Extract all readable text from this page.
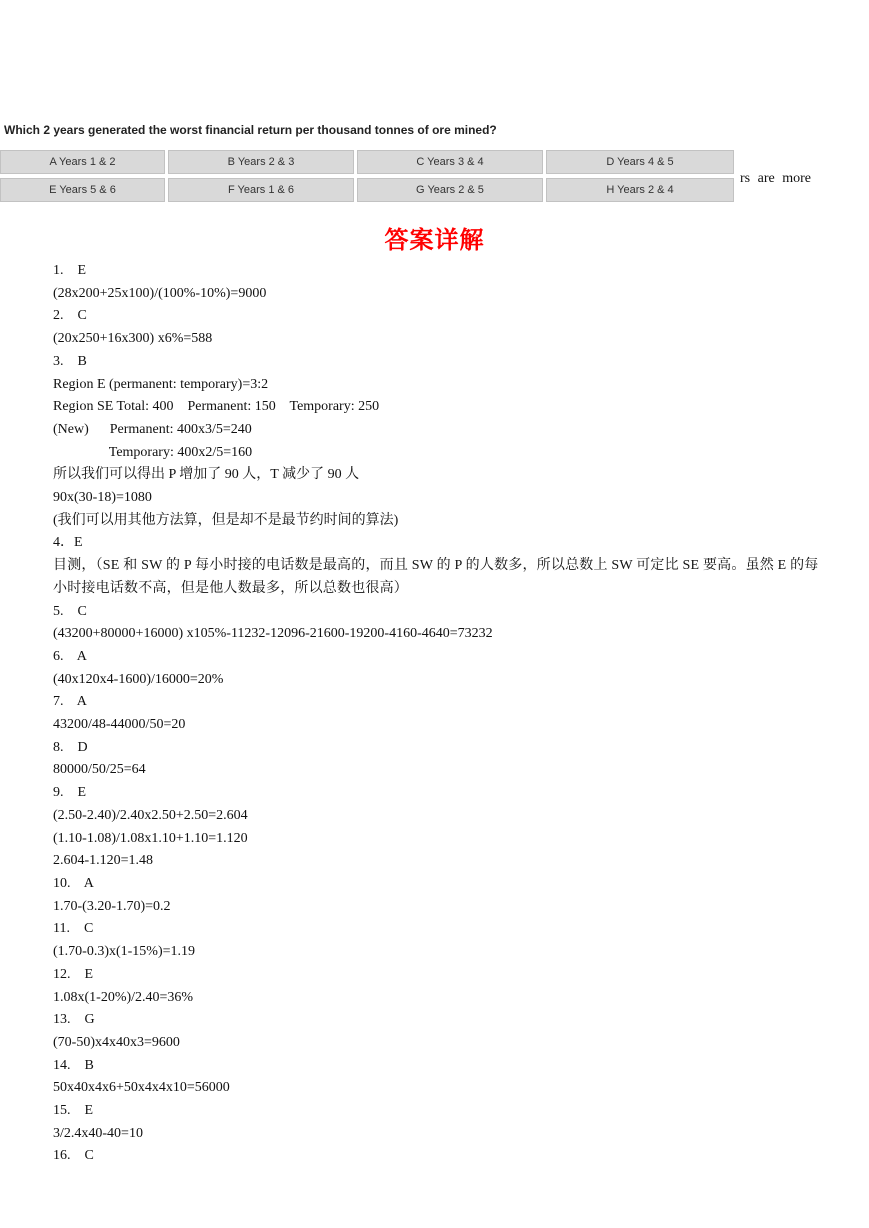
Which 2 years generated the worst financial return per thousand tonnes of ore mined?
A Years 1 & 2	B Years 2 & 3	C Years 3 & 4	D Years 4 & 5
E Years 5 & 6	F Years 1 & 6	G Years 2 & 5	H Years 2 & 4
rs are more
答案详解
1.    E
(28x200+25x100)/(100%-10%)=9000
2.    C
(20x250+16x300) x6%=588
3.    B
Region E (permanent: temporary)=3:2
Region SE Total: 400    Permanent: 150    Temporary: 250
(New)      Permanent: 400x3/5=240
Temporary: 400x2/5=160
所以我们可以得出 P 增加了 90 人，T 减少了 90 人
90x(30-18)=1080
(我们可以用其他方法算，但是却不是最节约时间的算法)
4．E
目测，（SE 和 SW 的 P 每小时接的电话数是最高的，而且 SW 的 P 的人数多，所以总数上 SW 可定比 SE 要高。虽然 E 的每小时接电话数不高，但是他人数最多，所以总数也很高）
5.    C
(43200+80000+16000) x105%-11232-12096-21600-19200-4160-4640=73232
6.    A
(40x120x4-1600)/16000=20%
7.    A
43200/48-44000/50=20
8.    D
80000/50/25=64
9.    E
(2.50-2.40)/2.40x2.50+2.50=2.604
(1.10-1.08)/1.08x1.10+1.10=1.120
2.604-1.120=1.48
10.    A
1.70-(3.20-1.70)=0.2
11.    C
(1.70-0.3)x(1-15%)=1.19
12.    E
1.08x(1-20%)/2.40=36%
13.    G
(70-50)x4x40x3=9600
14.    B
50x40x4x6+50x4x4x10=56000
15.    E
3/2.4x40-40=10
16.    C
